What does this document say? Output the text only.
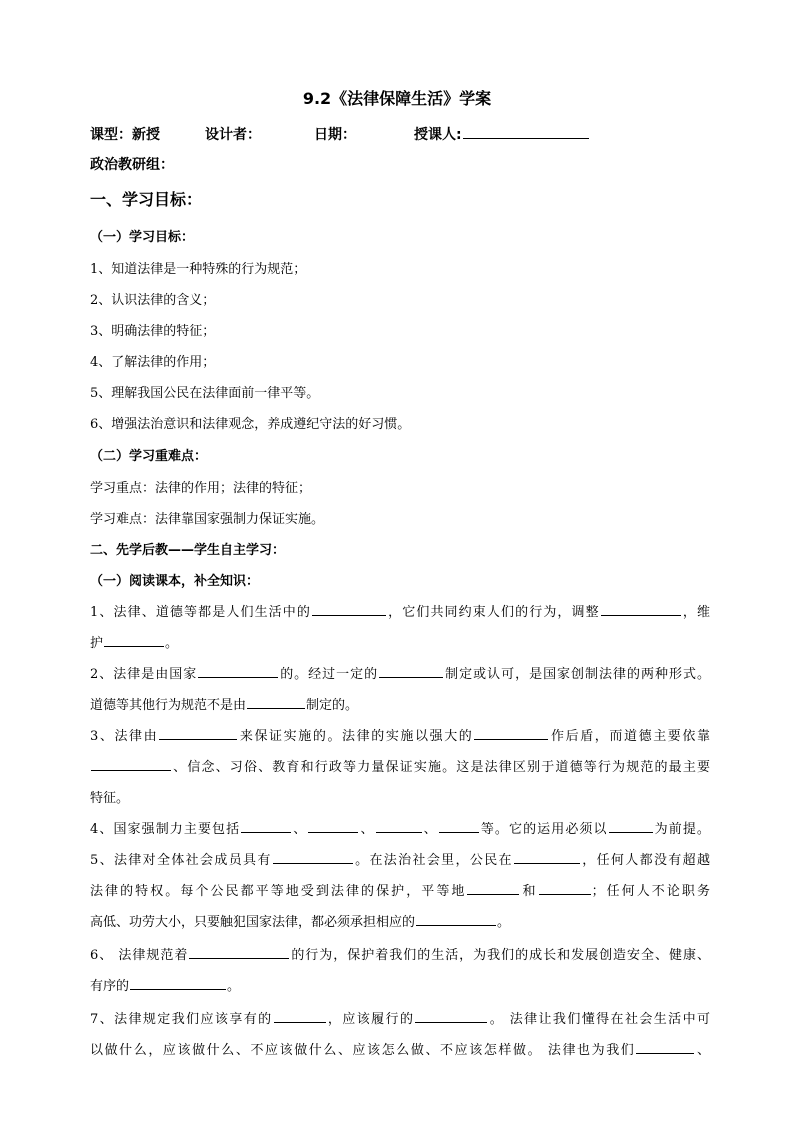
9.2《法律保障生活》学案
课型：新授	设计者：	日期：	授课人:
政治教研组：
一、学习目标：
（一）学习目标：
1、知道法律是一种特殊的行为规范；
2、认识法律的含义；
3、明确法律的特征；
4、了解法律的作用；
5、理解我国公民在法律面前一律平等。
6、增强法治意识和法律观念，养成遵纪守法的好习惯。
（二）学习重难点：
学习重点：法律的作用；法律的特征；
学习难点：法律靠国家强制力保证实施。
二、先学后教——学生自主学习：
（一）阅读课本，补全知识：
1、法律、道德等都是人们生活中的	，它们共同约束人们的行为，调整	，维
护	。
2、法律是由国家	的。经过一定的	制定或认可，是国家创制法律的两种形式。
道德等其他行为规范不是由	制定的。
3、法律由	来保证实施的。法律的实施以强大的	作后盾，而道德主要依靠
、信念、习俗、教育和行政等力量保证实施。这是法律区别于道德等行为规范的最主要
特征。
4、国家强制力主要包括	、	、	、	等。它的运用必须以	为前提。
5、法律对全体社会成员具有	。在法治社会里，公民在	，任何人都没有超越
法律的特权。每个公民都平等地受到法律的保护，平等地	和	；任何人不论职务
高低、功劳大小，只要触犯国家法律，都必须承担相应的	。
6、 法律规范着	的行为，保护着我们的生活，为我们的成长和发展创造安全、健康、
有序的	。
7、法律规定我们应该享有的	，应该履行的	。 法律让我们懂得在社会生活中可
以做什么，应该做什么、不应该做什么、应该怎么做、不应该怎样做。 法律也为我们	、
